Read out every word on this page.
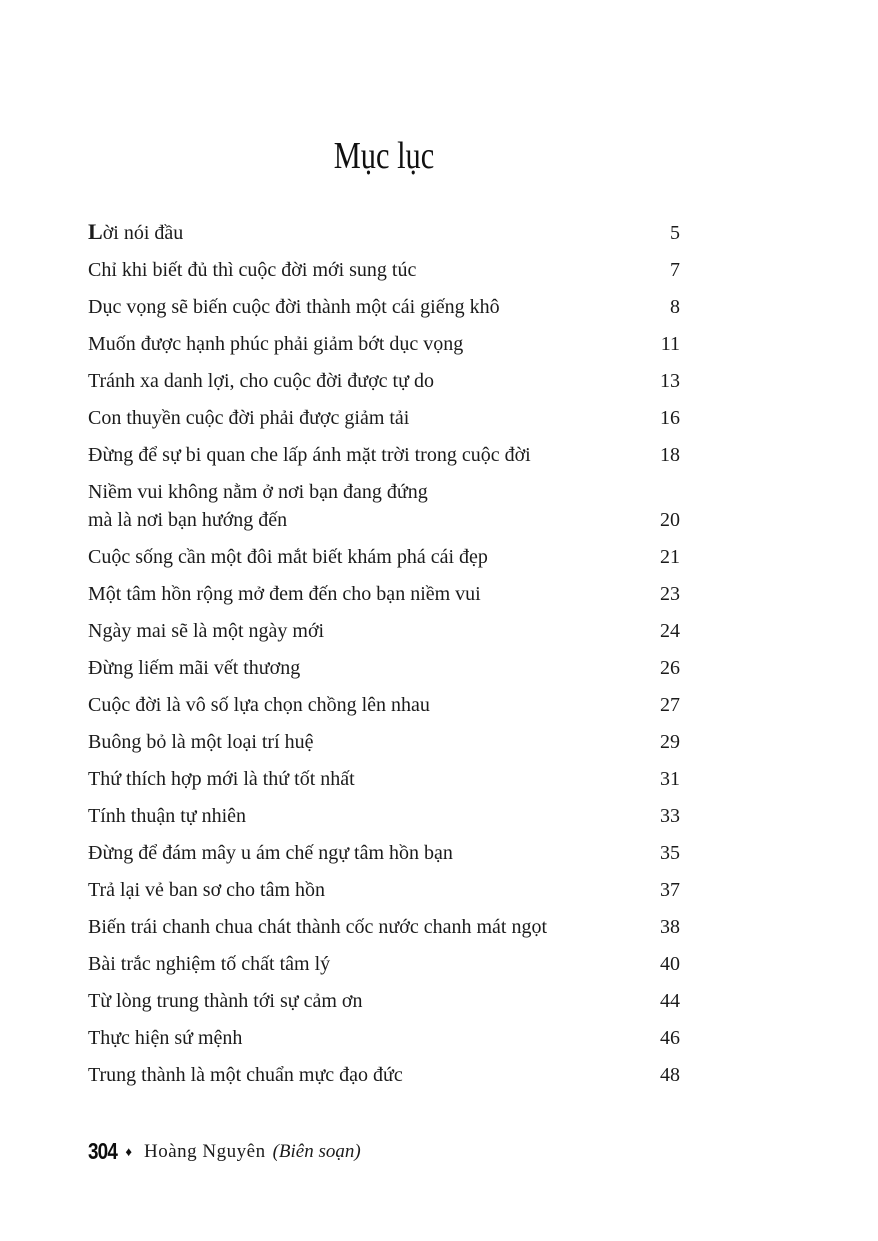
Mục lục
Lời nói đầu	5
Chỉ khi biết đủ thì cuộc đời mới sung túc	7
Dục vọng sẽ biến cuộc đời thành một cái giếng khô	8
Muốn được hạnh phúc phải giảm bớt dục vọng	11
Tránh xa danh lợi, cho cuộc đời được tự do	13
Con thuyền cuộc đời phải được giảm tải	16
Đừng để sự bi quan che lấp ánh mặt trời trong cuộc đời	18
Niềm vui không nằm ở nơi bạn đang đứng
mà là nơi bạn hướng đến	20
Cuộc sống cần một đôi mắt biết khám phá cái đẹp	21
Một tâm hồn rộng mở đem đến cho bạn niềm vui	23
Ngày mai sẽ là một ngày mới	24
Đừng liếm mãi vết thương	26
Cuộc đời là vô số lựa chọn chồng lên nhau	27
Buông bỏ là một loại trí huệ	29
Thứ thích hợp mới là thứ tốt nhất	31
Tính thuận tự nhiên	33
Đừng để đám mây u ám chế ngự tâm hồn bạn	35
Trả lại vẻ ban sơ cho tâm hồn	37
Biến trái chanh chua chát thành cốc nước chanh mát ngọt	38
Bài trắc nghiệm tố chất tâm lý	40
Từ lòng trung thành tới sự cảm ơn	44
Thực hiện sứ mệnh	46
Trung thành là một chuẩn mực đạo đức	48
304 ♦ Hoàng Nguyên (Biên soạn)
